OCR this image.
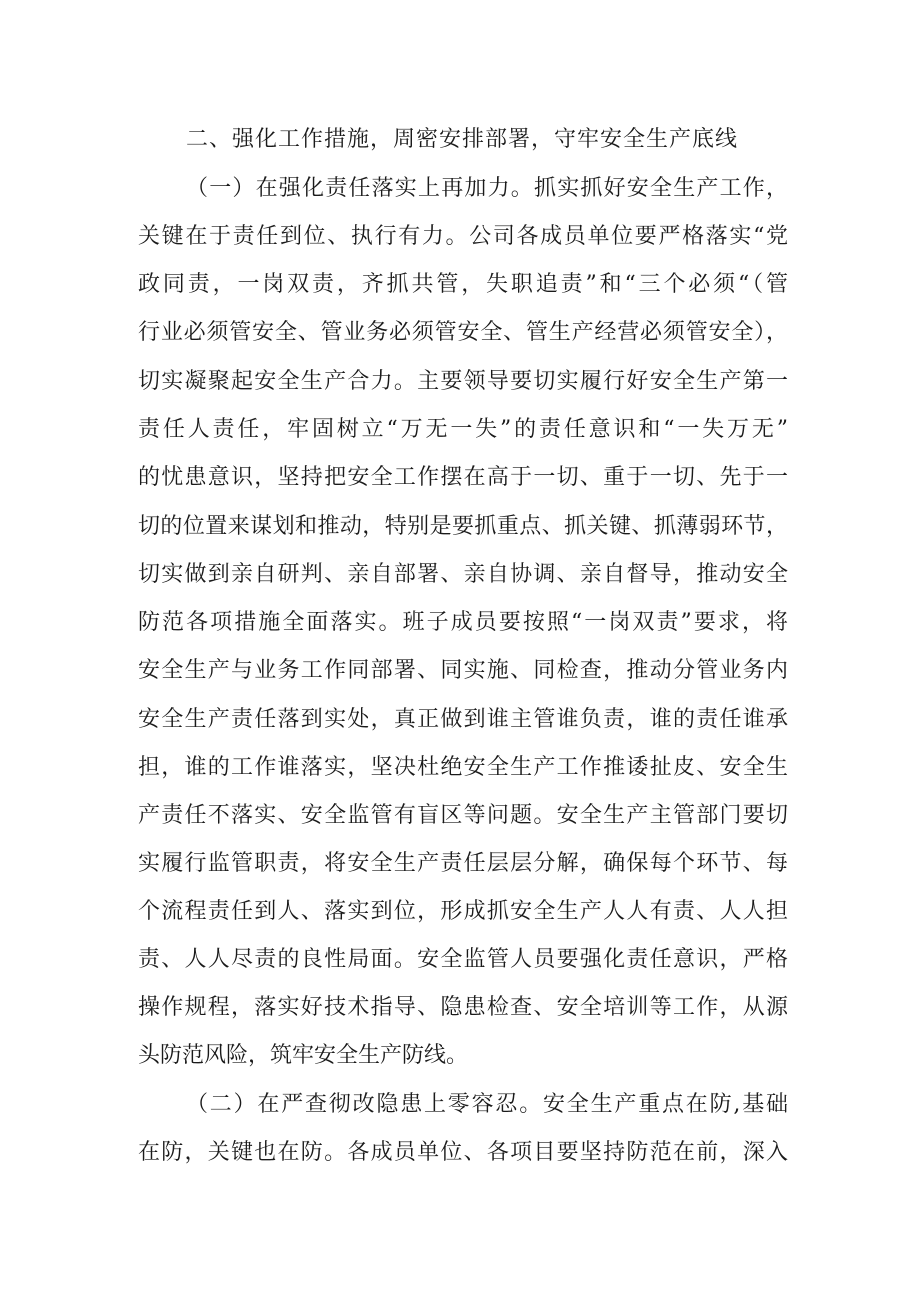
二、强化工作措施，周密安排部署，守牢安全生产底线
（一）在强化责任落实上再加力。抓实抓好安全生产工作，
关键在于责任到位、执行有力。公司各成员单位要严格落实“党
政同责，一岗双责，齐抓共管，失职追责”和“三个必须“（管
行业必须管安全、管业务必须管安全、管生产经营必须管安全），
切实凝聚起安全生产合力。主要领导要切实履行好安全生产第一
责任人责任，牢固树立“万无一失”的责任意识和“一失万无”
的忧患意识，坚持把安全工作摆在高于一切、重于一切、先于一
切的位置来谋划和推动，特别是要抓重点、抓关键、抓薄弱环节，
切实做到亲自研判、亲自部署、亲自协调、亲自督导，推动安全
防范各项措施全面落实。班子成员要按照“一岗双责”要求，将
安全生产与业务工作同部署、同实施、同检查，推动分管业务内
安全生产责任落到实处，真正做到谁主管谁负责，谁的责任谁承
担，谁的工作谁落实，坚决杜绝安全生产工作推诿扯皮、安全生
产责任不落实、安全监管有盲区等问题。安全生产主管部门要切
实履行监管职责，将安全生产责任层层分解，确保每个环节、每
个流程责任到人、落实到位，形成抓安全生产人人有责、人人担
责、人人尽责的良性局面。安全监管人员要强化责任意识，严格
操作规程，落实好技术指导、隐患检查、安全培训等工作，从源
头防范风险，筑牢安全生产防线。
（二）在严查彻改隐患上零容忍。安全生产重点在防,基础
在防，关键也在防。各成员单位、各项目要坚持防范在前，深入
